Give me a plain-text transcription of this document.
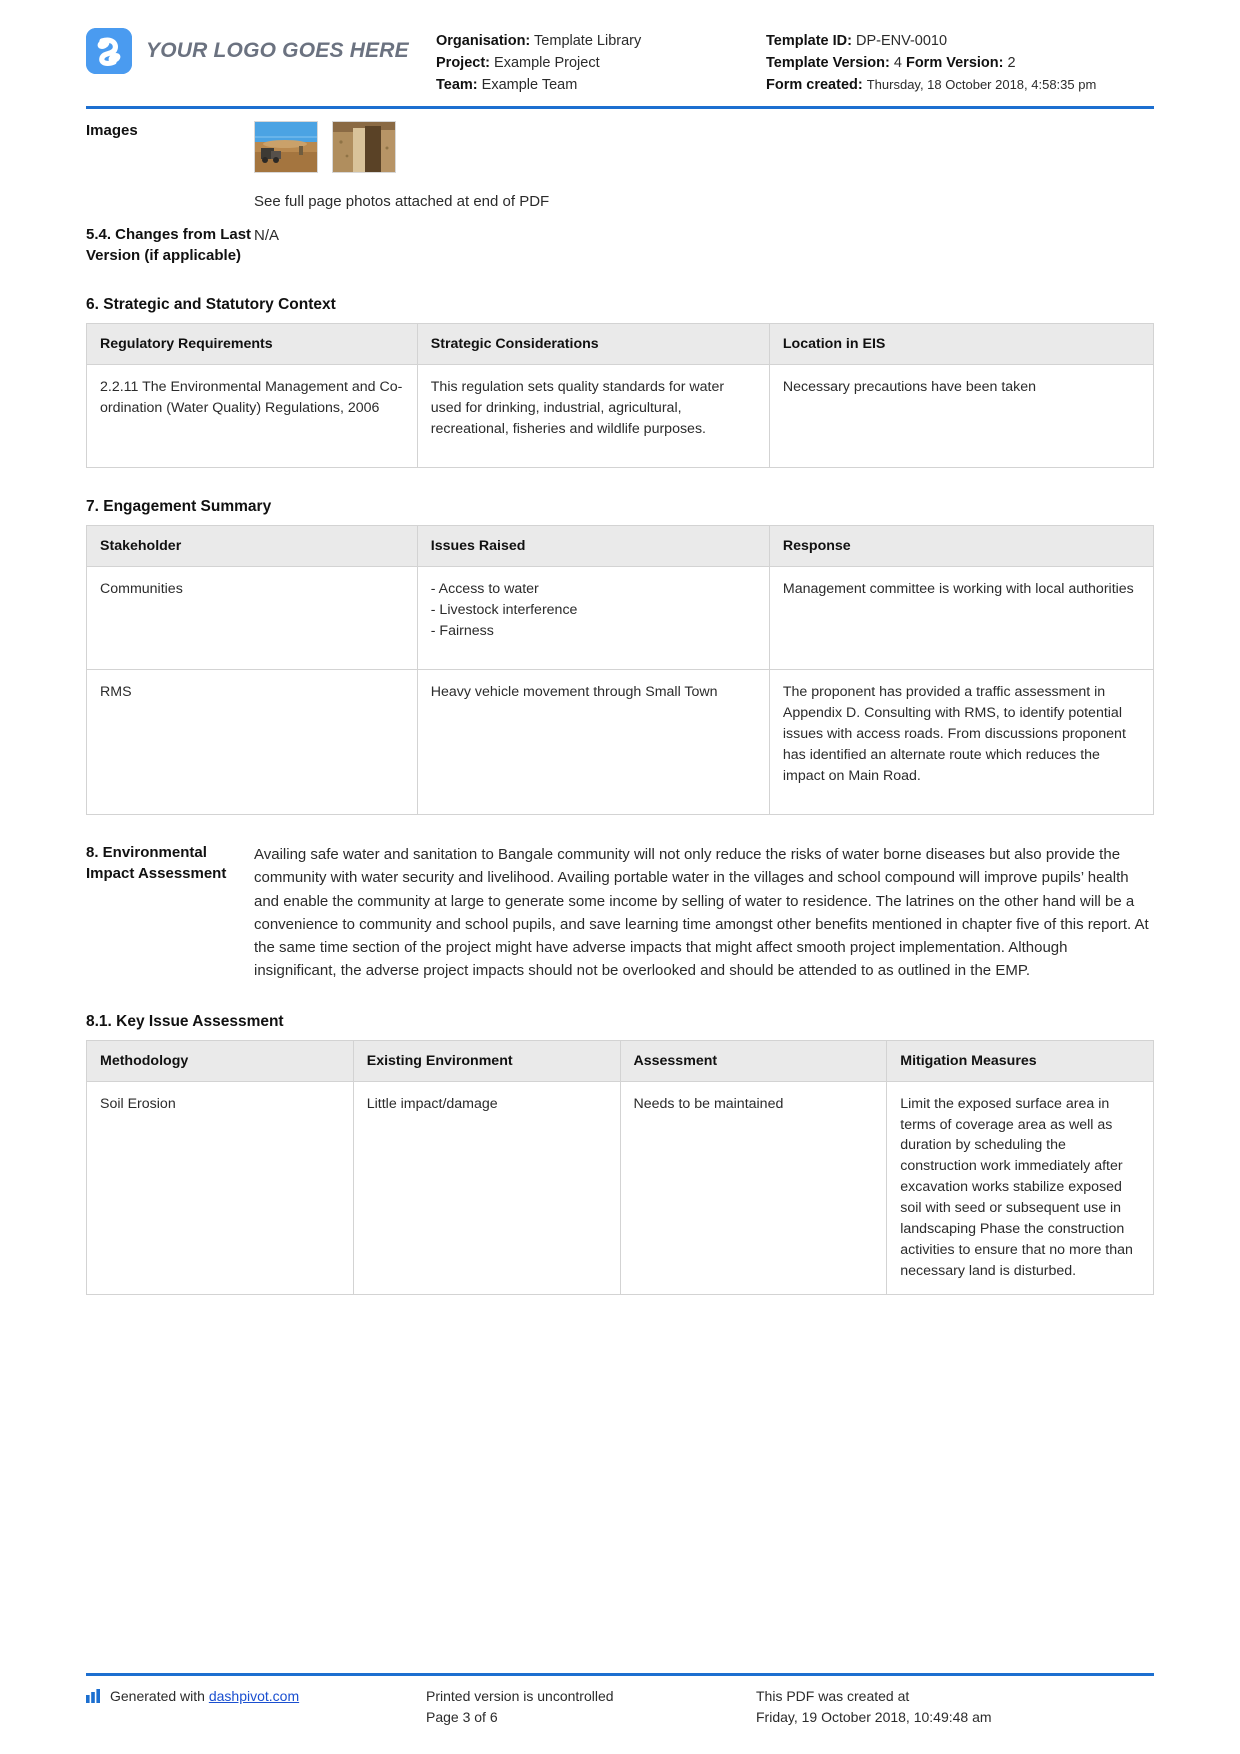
YOUR LOGO GOES HERE Organisation: Template Library
Project: Example Project
Team: Example Team
Template ID: DP-ENV-0010
Template Version: 4 Form Version: 2
Form created: Thursday, 18 October 2018, 4:58:35 pm
Images
See full page photos attached at end of PDF
5.4. Changes from Last Version (if applicable)
N/A
6. Strategic and Statutory Context
Regulatory Requirements	Strategic Considerations	Location in EIS
2.2.11 The Environmental Management and Co-ordination (Water Quality) Regulations, 2006	This regulation sets quality standards for water used for drinking, industrial, agricultural, recreational, fisheries and wildlife purposes.	Necessary precautions have been taken
7. Engagement Summary
Stakeholder	Issues Raised	Response
Communities	- Access to water
- Livestock interference
- Fairness	Management committee is working with local authorities
RMS	Heavy vehicle movement through Small Town	The proponent has provided a traffic assessment in Appendix D. Consulting with RMS, to identify potential issues with access roads. From discussions proponent has identified an alternate route which reduces the impact on Main Road.
8. Environmental Impact Assessment
Availing safe water and sanitation to Bangale community will not only reduce the risks of water borne diseases but also provide the community with water security and livelihood. Availing portable water in the villages and school compound will improve pupils’ health and enable the community at large to generate some income by selling of water to residence. The latrines on the other hand will be a convenience to community and school pupils, and save learning time amongst other benefits mentioned in chapter five of this report. At the same time section of the project might have adverse impacts that might affect smooth project implementation. Although insignificant, the adverse project impacts should not be overlooked and should be attended to as outlined in the EMP.
8.1. Key Issue Assessment
Methodology	Existing Environment	Assessment	Mitigation Measures
Soil Erosion	Little impact/damage	Needs to be maintained	Limit the exposed surface area in terms of coverage area as well as duration by scheduling the construction work immediately after excavation works stabilize exposed soil with seed or subsequent use in landscaping Phase the construction activities to ensure that no more than necessary land is disturbed.
Generated with dashpivot.com	Printed version is uncontrolled
Page 3 of 6
This PDF was created at
Friday, 19 October 2018, 10:49:48 am
